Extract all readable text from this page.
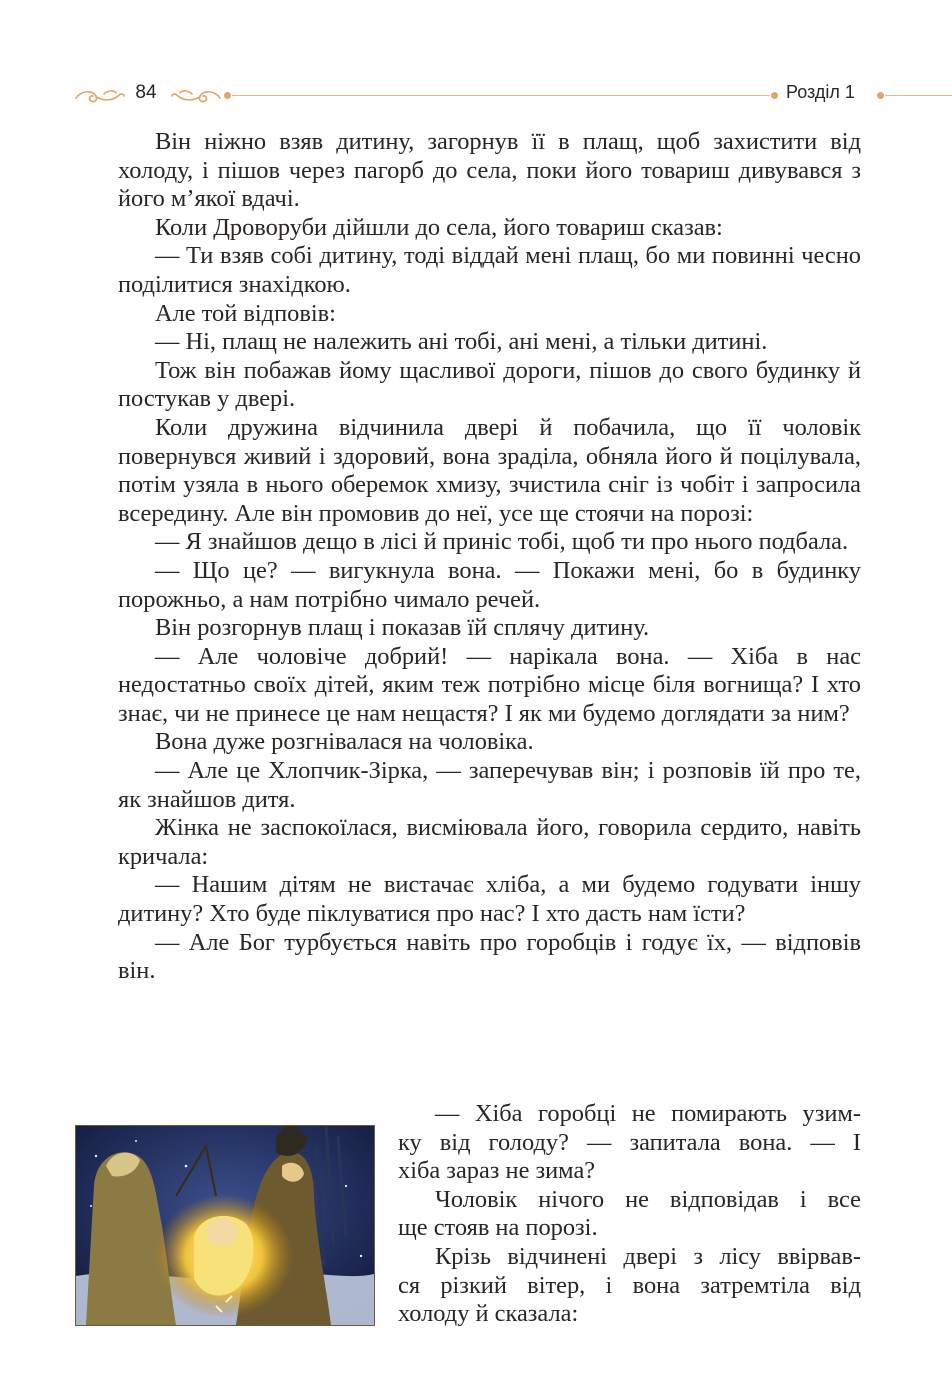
84	Розділ 1

Він ніжно взяв дитину, загорнув її в плащ, щоб захистити від холоду, і пішов через пагорб до села, поки його товариш дивувався з його м’якої вдачі.

Коли Дроворуби дійшли до села, його товариш сказав:

— Ти взяв собі дитину, тоді віддай мені плащ, бо ми повинні чесно поділитися знахідкою.

Але той відповів:

— Ні, плащ не належить ані тобі, ані мені, а тільки дитині.

Тож він побажав йому щасливої дороги, пішов до свого будинку й постукав у двері.

Коли дружина відчинила двері й побачила, що її чоловік повернувся живий і здоровий, вона зраділа, обняла його й поцілувала, потім узяла в нього оберемок хмизу, зчистила сніг із чобіт і запросила всередину. Але він промовив до неї, усе ще стоячи на порозі:

— Я знайшов дещо в лісі й приніс тобі, щоб ти про нього подбала.

— Що це? — вигукнула вона. — Покажи мені, бо в будинку порожньо, а нам потрібно чимало речей.

Він розгорнув плащ і показав їй сплячу дитину.

— Але чоловіче добрий! — нарікала вона. — Хіба в нас недостатньо своїх дітей, яким теж потрібно місце біля вогнища? І хто знає, чи не принесе це нам нещастя? І як ми будемо доглядати за ним?

Вона дуже розгнівалася на чоловіка.

— Але це Хлопчик-Зірка, — заперечував він; і розповів їй про те, як знайшов дитя.

Жінка не заспокоїлася, висміювала його, говорила сердито, навіть кричала:

— Нашим дітям не вистачає хліба, а ми будемо годувати іншу дитину? Хто буде піклуватися про нас? І хто дасть нам їсти?

— Але Бог турбується навіть про горобців і годує їх, — відповів він.

— Хіба горобці не помирають узим-
ку від голоду? — запитала вона. — І
хіба зараз не зима?
Чоловік нічого не відповідав і все
ще стояв на порозі.
Крізь відчинені двері з лісу ввірвав-
ся різкий вітер, і вона затремтіла від
холоду й сказала:
